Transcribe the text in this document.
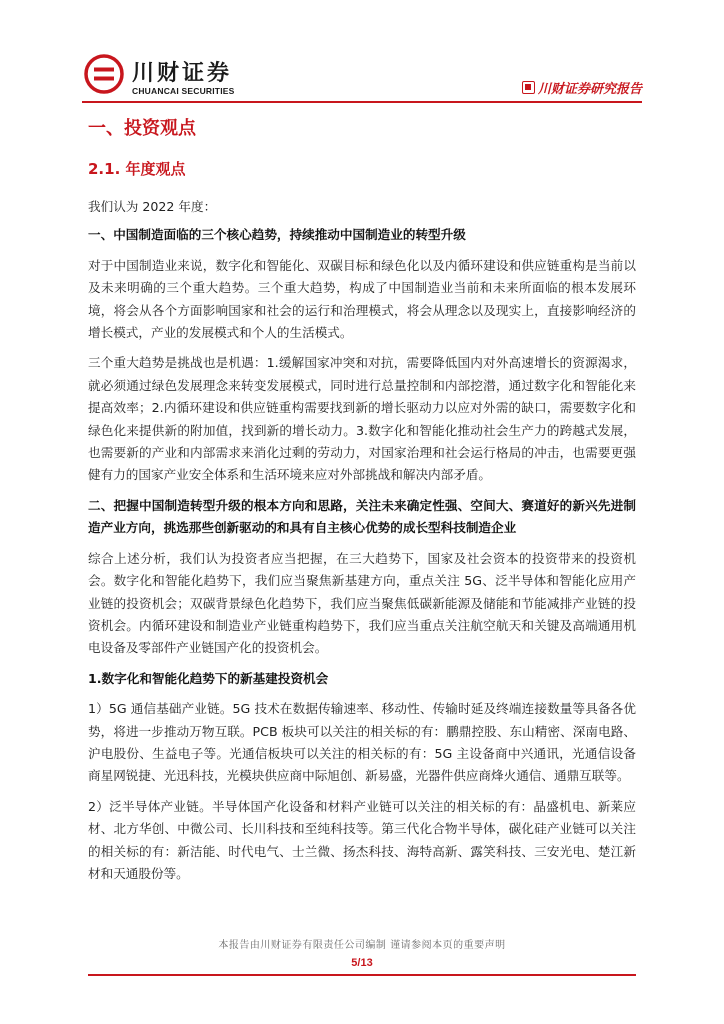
川财证券
CHUANCAI SECURITIES	川财证券研究报告
一、投资观点
2.1. 年度观点

我们认为 2022 年度：

一、中国制造面临的三个核心趋势，持续推动中国制造业的转型升级

对于中国制造业来说，数字化和智能化、双碳目标和绿色化以及内循环建设和供应链重构是当前以及未来明确的三个重大趋势。三个重大趋势，构成了中国制造业当前和未来所面临的根本发展环境，将会从各个方面影响国家和社会的运行和治理模式，将会从理念以及现实上，直接影响经济的增长模式，产业的发展模式和个人的生活模式。

三个重大趋势是挑战也是机遇：1.缓解国家冲突和对抗，需要降低国内对外高速增长的资源渴求，就必须通过绿色发展理念来转变发展模式，同时进行总量控制和内部挖潜，通过数字化和智能化来提高效率；2.内循环建设和供应链重构需要找到新的增长驱动力以应对外需的缺口，需要数字化和绿色化来提供新的附加值，找到新的增长动力。3.数字化和智能化推动社会生产力的跨越式发展，也需要新的产业和内部需求来消化过剩的劳动力，对国家治理和社会运行格局的冲击，也需要更强健有力的国家产业安全体系和生活环境来应对外部挑战和解决内部矛盾。

二、把握中国制造转型升级的根本方向和思路，关注未来确定性强、空间大、赛道好的新兴先进制造产业方向，挑选那些创新驱动的和具有自主核心优势的成长型科技制造企业

综合上述分析，我们认为投资者应当把握，在三大趋势下，国家及社会资本的投资带来的投资机会。数字化和智能化趋势下，我们应当聚焦新基建方向，重点关注 5G、泛半导体和智能化应用产业链的投资机会；双碳背景绿色化趋势下，我们应当聚焦低碳新能源及储能和节能减排产业链的投资机会。内循环建设和制造业产业链重构趋势下，我们应当重点关注航空航天和关键及高端通用机电设备及零部件产业链国产化的投资机会。

1.数字化和智能化趋势下的新基建投资机会

1）5G 通信基础产业链。5G 技术在数据传输速率、移动性、传输时延及终端连接数量等具备各优势，将进一步推动万物互联。PCB 板块可以关注的相关标的有：鹏鼎控股、东山精密、深南电路、沪电股份、生益电子等。光通信板块可以关注的相关标的有：5G 主设备商中兴通讯，光通信设备商星网锐捷、光迅科技，光模块供应商中际旭创、新易盛，光器件供应商烽火通信、通鼎互联等。

2）泛半导体产业链。半导体国产化设备和材料产业链可以关注的相关标的有：晶盛机电、新莱应材、北方华创、中微公司、长川科技和至纯科技等。第三代化合物半导体，碳化硅产业链可以关注的相关标的有：新洁能、时代电气、士兰微、扬杰科技、海特高新、露笑科技、三安光电、楚江新材和天通股份等。

本报告由川财证券有限责任公司编制 谨请参阅本页的重要声明
5/13
